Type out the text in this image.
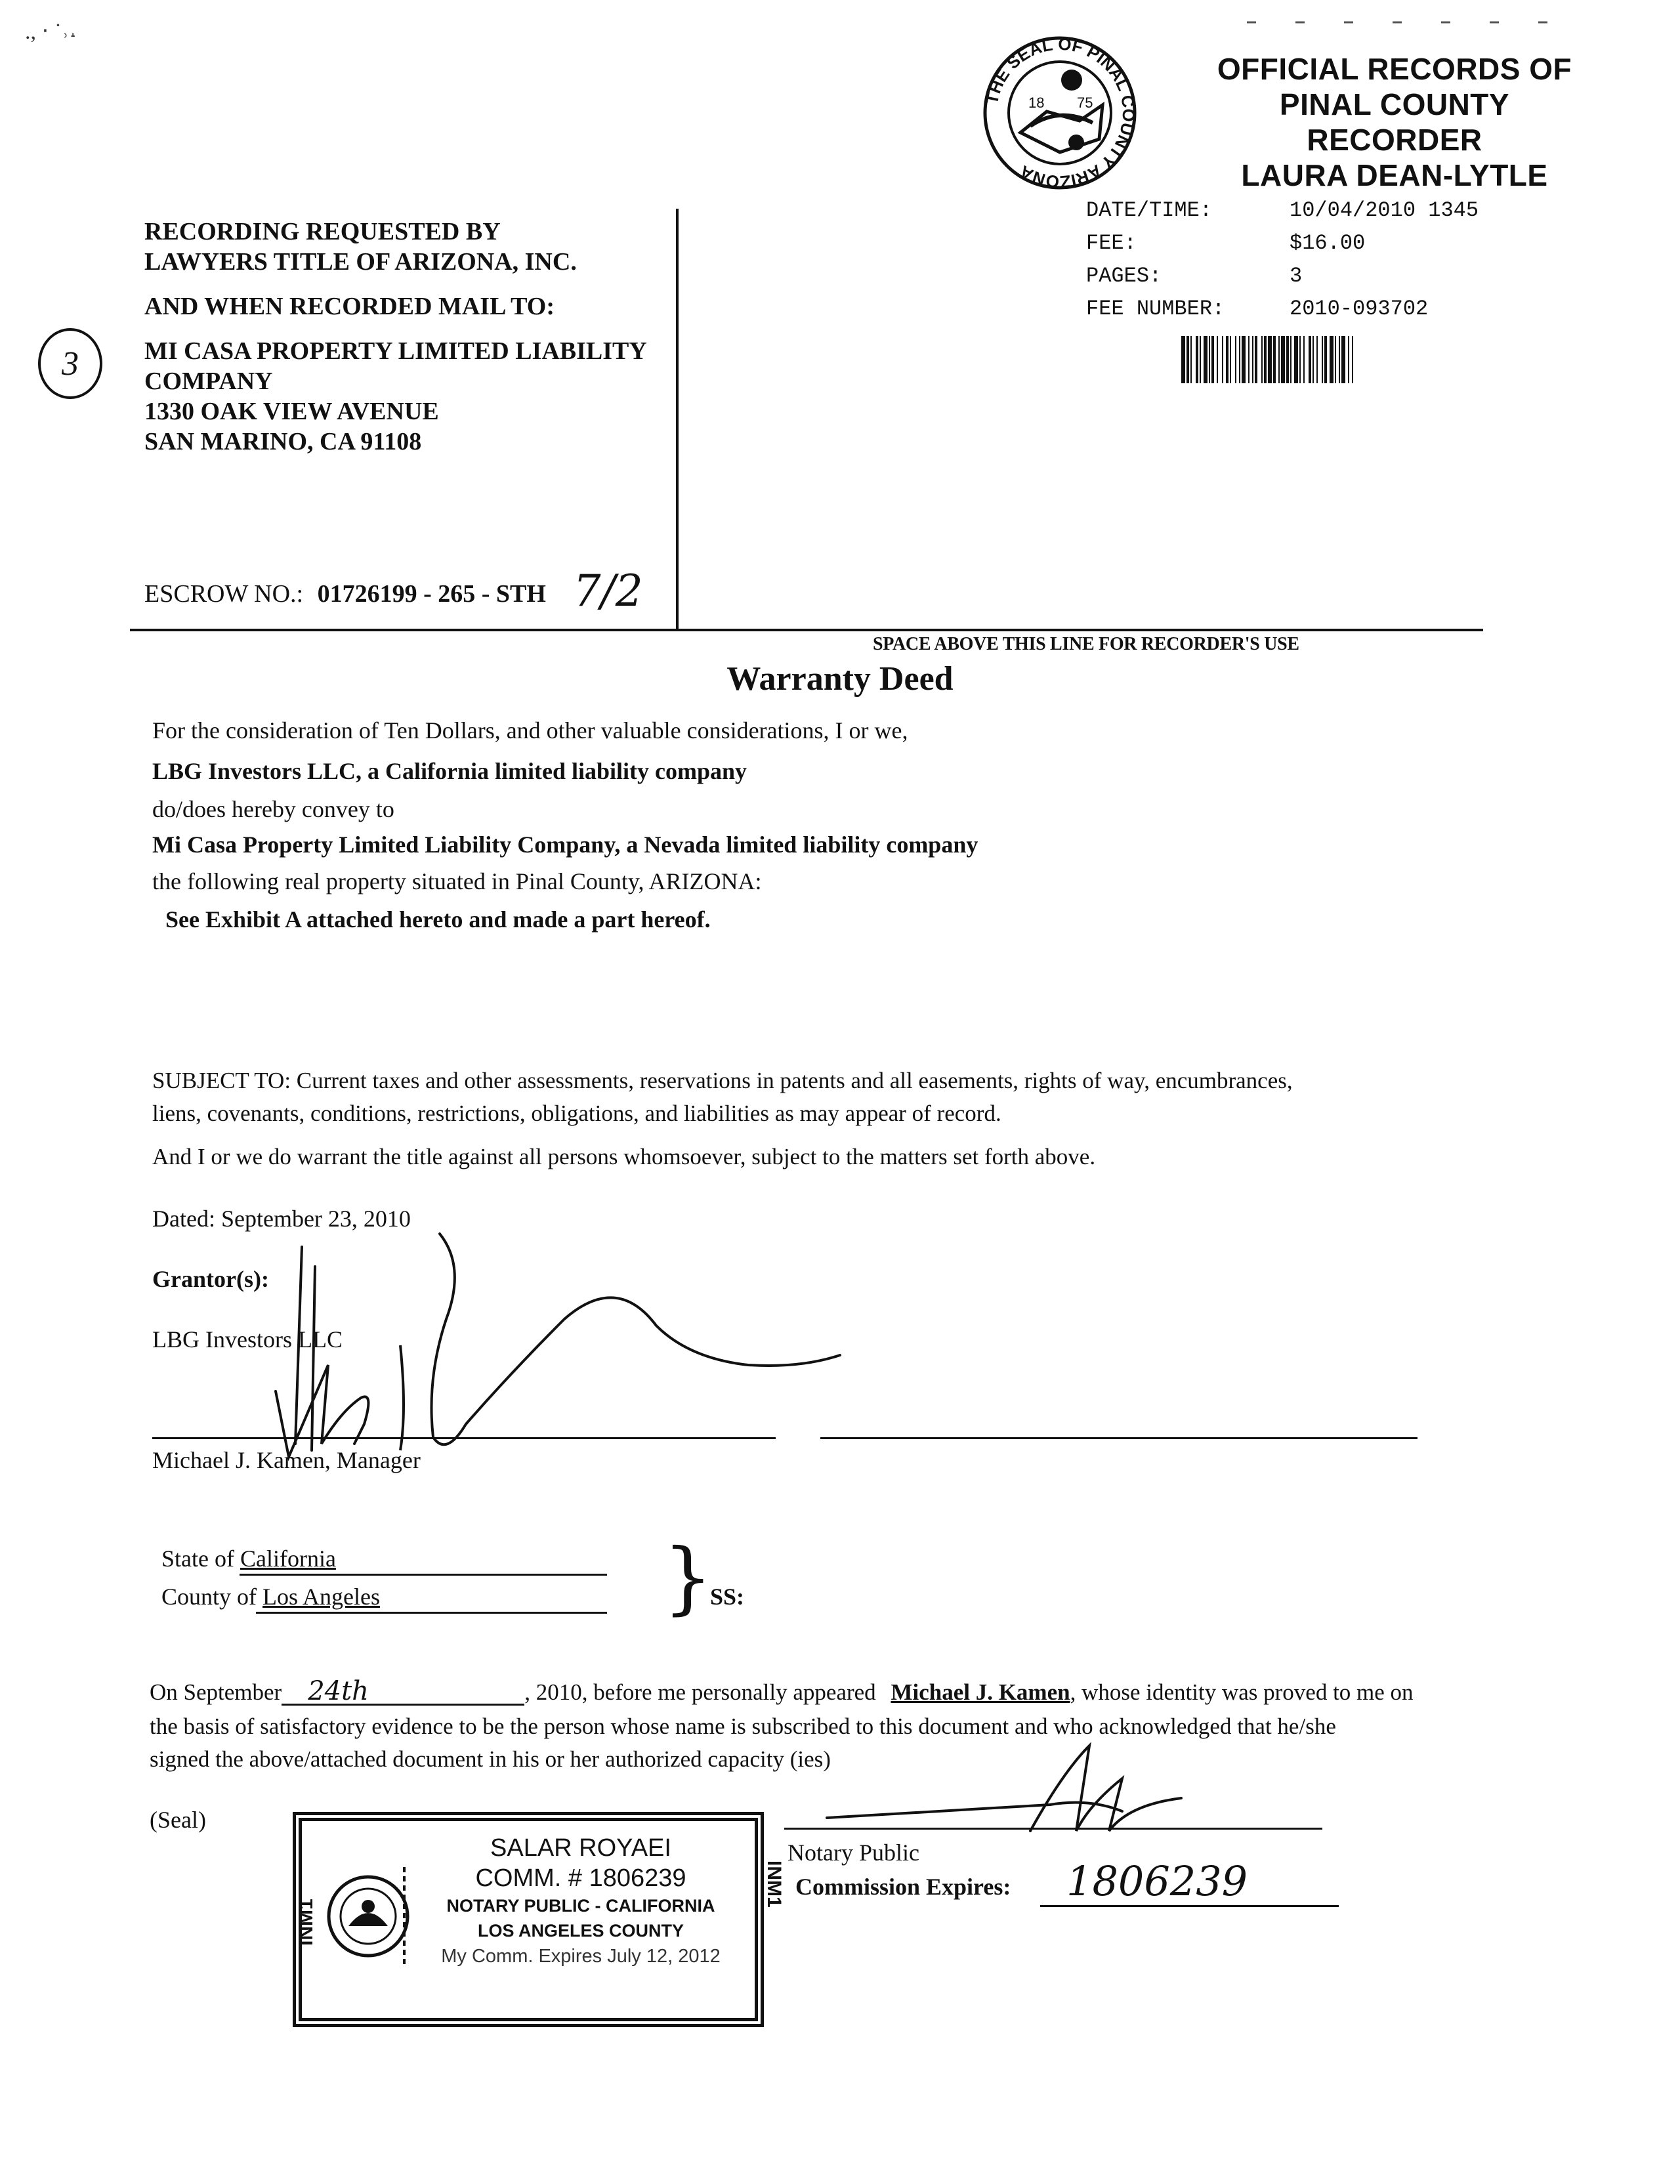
., ‧ ˙˒˔
THE SEAL OF PINAL COUNTY ARIZONA
18 75
OFFICIAL RECORDS OF
PINAL COUNTY RECORDER
LAURA DEAN-LYTLE
DATE/TIME:	10/04/2010 1345
FEE:	$16.00
PAGES:	3
FEE NUMBER:	2010-093702
3

RECORDING REQUESTED BY

LAWYERS TITLE OF ARIZONA, INC.

AND WHEN RECORDED MAIL TO:

MI CASA PROPERTY LIMITED LIABILITY

COMPANY

1330 OAK VIEW AVENUE

SAN MARINO, CA 91108

ESCROW NO.: 01726199 - 265 - STH 7/2
SPACE ABOVE THIS LINE FOR RECORDER'S USE
Warranty Deed
For the consideration of Ten Dollars, and other valuable considerations, I or we,
LBG Investors LLC, a California limited liability company
do/does hereby convey to
Mi Casa Property Limited Liability Company, a Nevada limited liability company
the following real property situated in Pinal County, ARIZONA:
See Exhibit A attached hereto and made a part hereof.
SUBJECT TO: Current taxes and other assessments, reservations in patents and all easements, rights of way, encumbrances,
liens, covenants, conditions, restrictions, obligations, and liabilities as may appear of record.
And I or we do warrant the title against all persons whomsoever, subject to the matters set forth above.
Dated: September 23, 2010
Grantor(s):
LBG Investors LLC
Michael J. Kamen, Manager
State of California
County of Los Angeles	}
SS:
On September 24th	, 2010, before me personally appeared Michael J. Kamen, whose identity was proved to me on
the basis of satisfactory evidence to be the person whose name is subscribed to this document and who acknowledged that he/she
signed the above/attached document in his or her authorized capacity (ies)
(Seal)
Notary Public
Commission Expires: 1806239
INM1
INM1
SALAR ROYAEI
COMM. # 1806239
NOTARY PUBLIC - CALIFORNIA
LOS ANGELES COUNTY
My Comm. Expires July 12, 2012
